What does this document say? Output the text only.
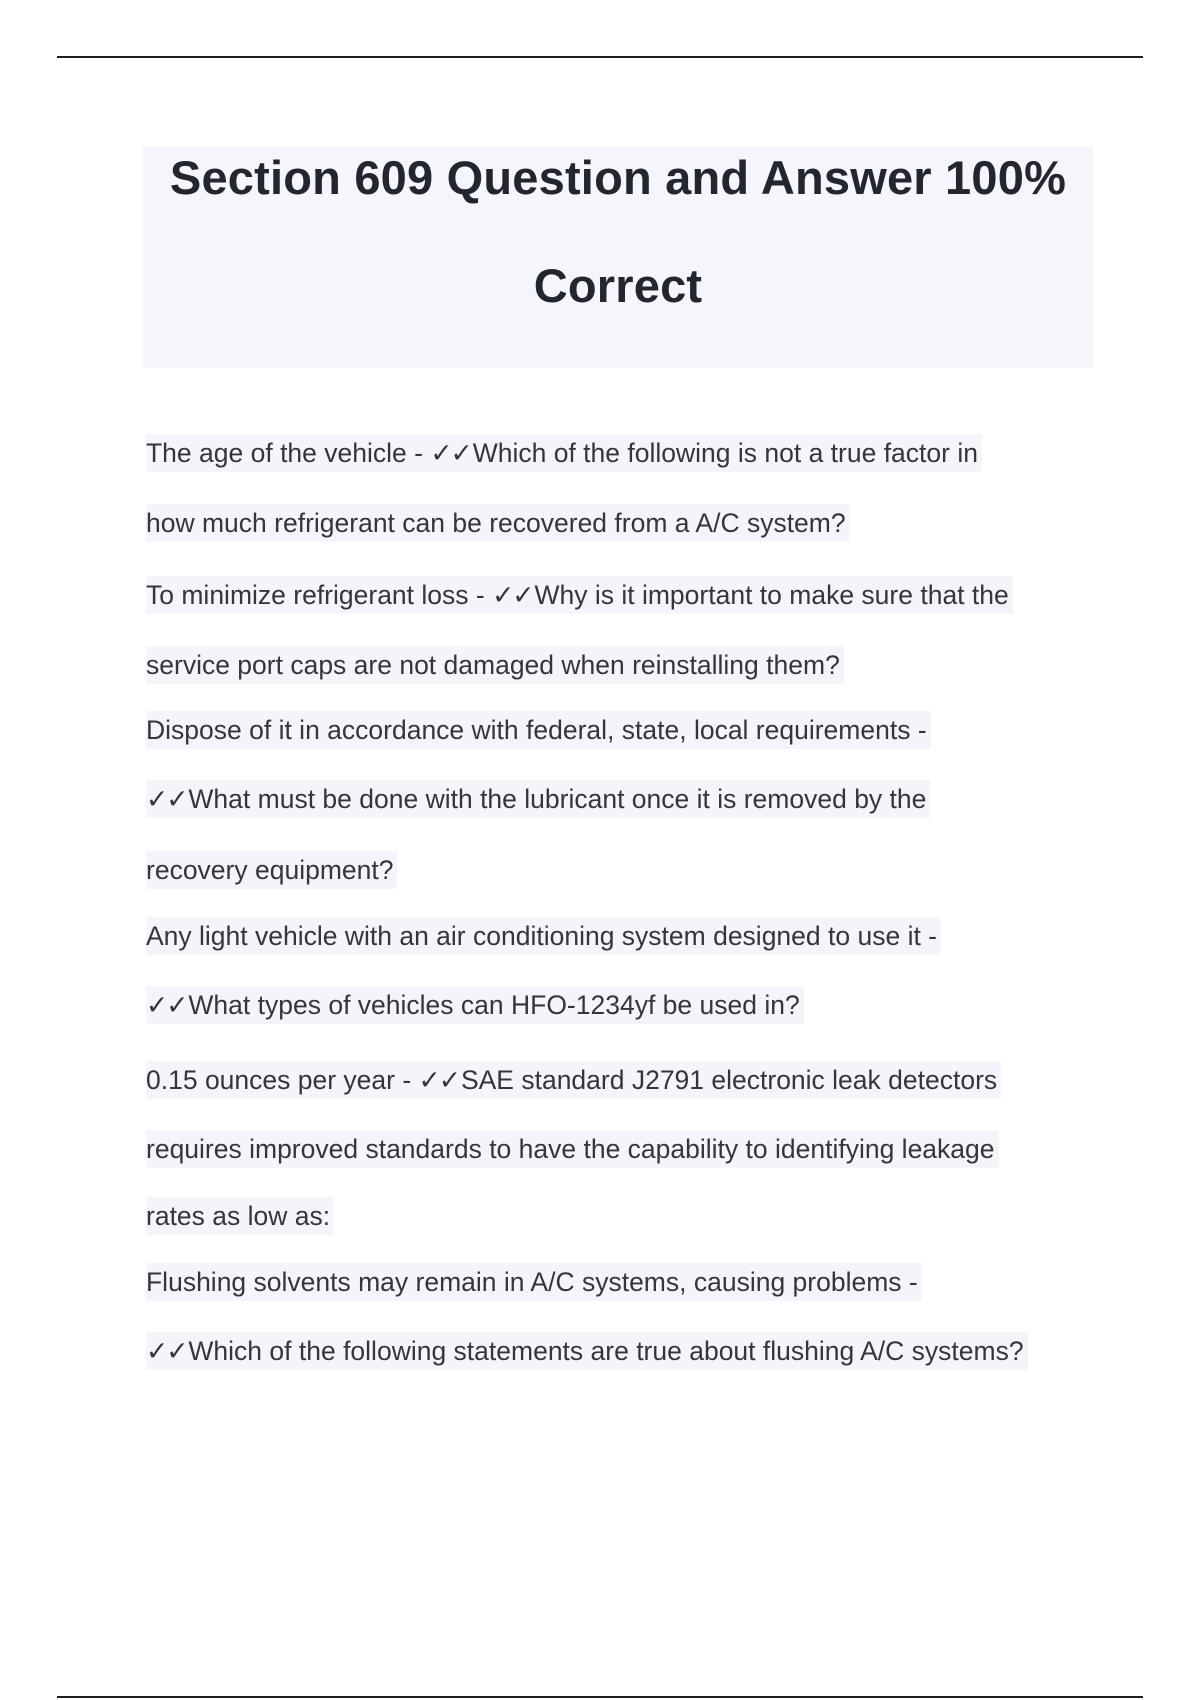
Section 609 Question and Answer 100%
Correct
The age of the vehicle - ✓✓Which of the following is not a true factor in
how much refrigerant can be recovered from a A/C system?
To minimize refrigerant loss - ✓✓Why is it important to make sure that the
service port caps are not damaged when reinstalling them?
Dispose of it in accordance with federal, state, local requirements -
✓✓What must be done with the lubricant once it is removed by the
recovery equipment?
Any light vehicle with an air conditioning system designed to use it -
✓✓What types of vehicles can HFO-1234yf be used in?
0.15 ounces per year - ✓✓SAE standard J2791 electronic leak detectors
requires improved standards to have the capability to identifying leakage
rates as low as:
Flushing solvents may remain in A/C systems, causing problems -
✓✓Which of the following statements are true about flushing A/C systems?
